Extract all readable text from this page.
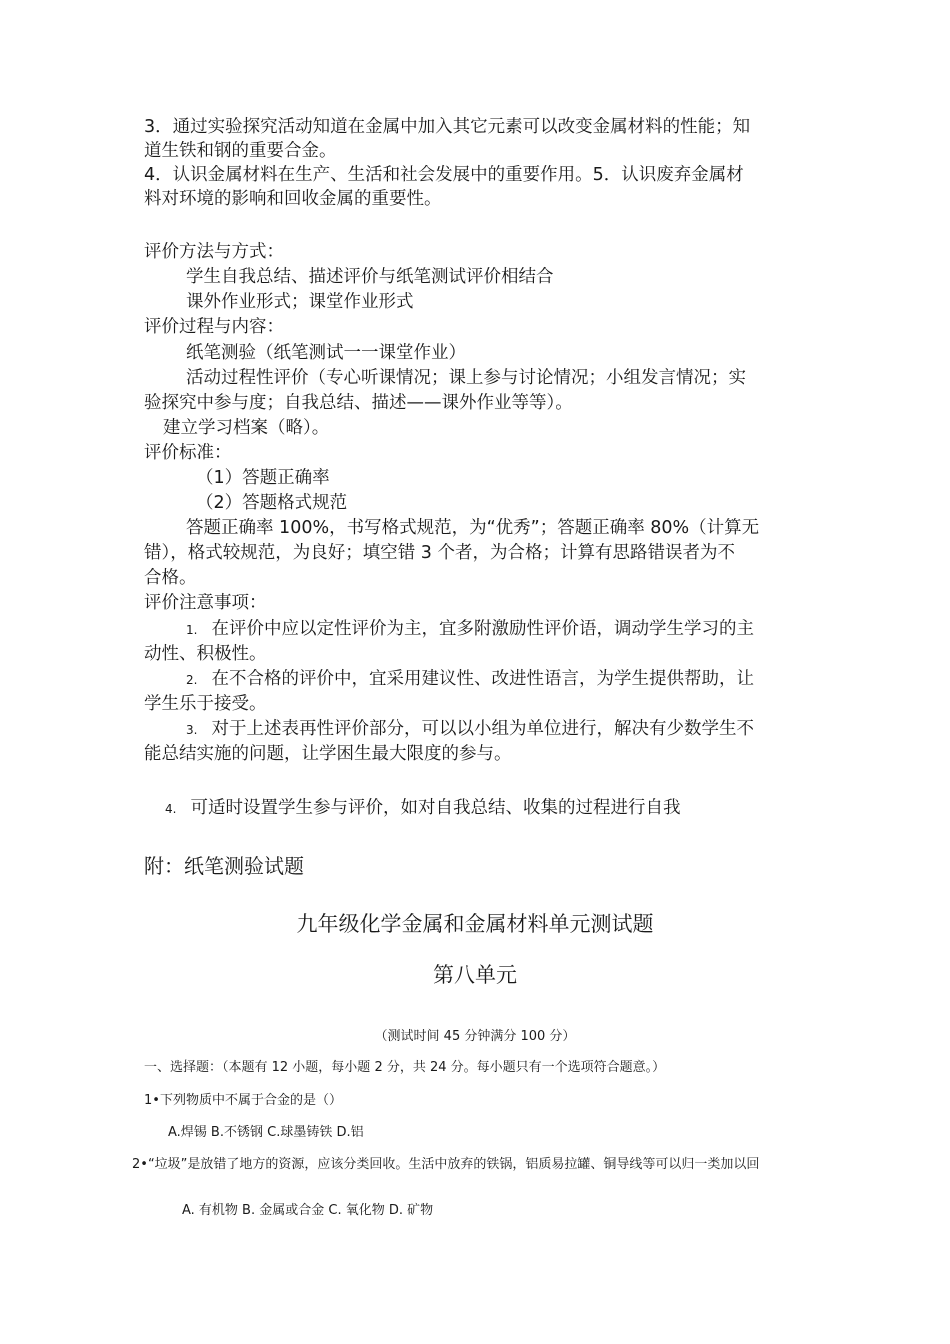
3．通过实验探究活动知道在金属中加入其它元素可以改变金属材料的性能；知
道生铁和钢的重要合金。
4．认识金属材料在生产、生活和社会发展中的重要作用。5．认识废弃金属材
料对环境的影响和回收金属的重要性。
评价方法与方式：
学生自我总结、描述评价与纸笔测试评价相结合
课外作业形式；课堂作业形式
评价过程与内容：
纸笔测验（纸笔测试一一课堂作业）
活动过程性评价（专心听课情况；课上参与讨论情况；小组发言情况；实
验探究中参与度；自我总结、描述——课外作业等等）。
建立学习档案（略）。
评价标准：
（1）答题正确率
（2）答题格式规范
答题正确率 100%，书写格式规范，为“优秀”；答题正确率 80%（计算无
错），格式较规范，为良好；填空错 3 个者，为合格；计算有思路错误者为不
合格。
评价注意事项：
1. 在评价中应以定性评价为主，宜多附激励性评价语，调动学生学习的主
动性、积极性。
2. 在不合格的评价中，宜采用建议性、改进性语言，为学生提供帮助，让
学生乐于接受。
3. 对于上述表再性评价部分，可以以小组为单位进行，解决有少数学生不
能总结实施的问题，让学困生最大限度的参与。
4. 可适时设置学生参与评价，如对自我总结、收集的过程进行自我
附：纸笔测验试题
九年级化学金属和金属材料单元测试题
第八单元
（测试时间 45 分钟满分 100 分）
一、选择题：（本题有 12 小题，每小题 2 分，共 24 分。每小题只有一个选项符合题意。）
1•下列物质中不属于合金的是（）
A.焊锡 B.不锈钢 C.球墨铸铁 D.铝
2•“垃圾”是放错了地方的资源，应该分类回收。生活中放弃的铁锅，铝质易拉罐、铜导线等可以归一类加以回
A. 有机物 B. 金属或合金 C. 氧化物 D. 矿物
